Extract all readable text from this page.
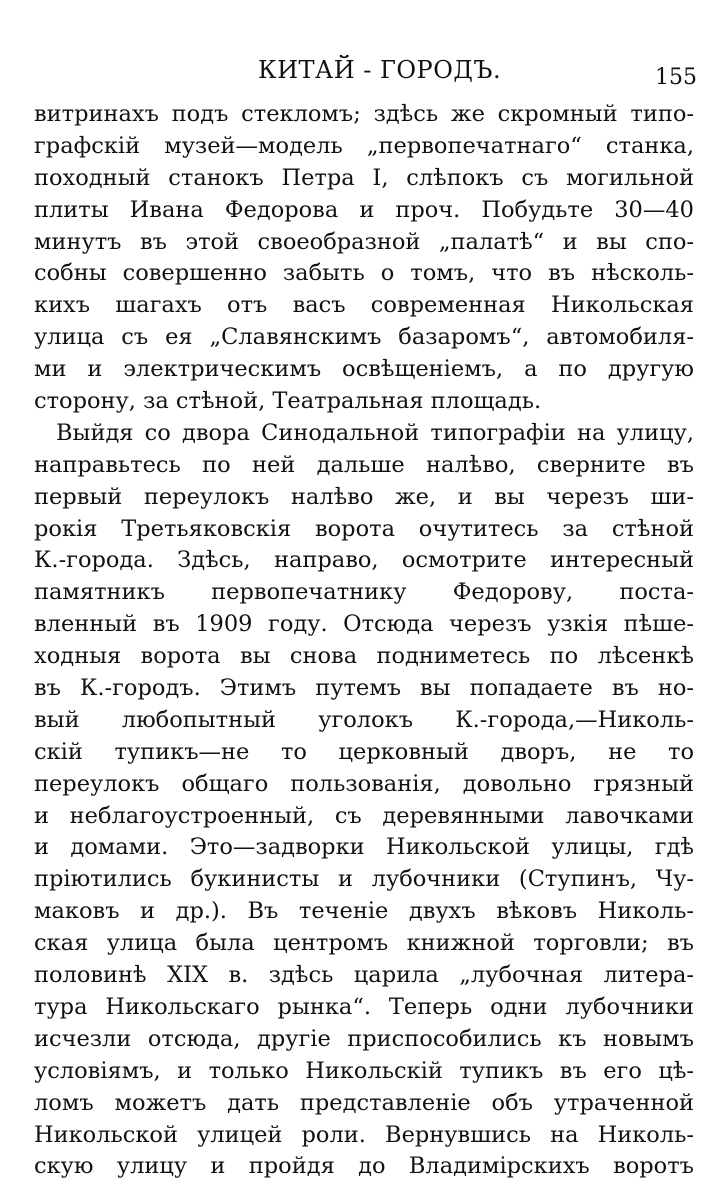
КИТАЙ - ГОРОДЪ.	155
витринахъ подъ стекломъ; здѣсь же скромный типо-
графскій музей—модель „первопечатнаго“ станка,
походный станокъ Петра I, слѣпокъ съ могильной
плиты Ивана Федорова и проч. Побудьте 30—40
минутъ въ этой своеобразной „палатѣ“ и вы спо-
собны совершенно забыть о томъ, что въ нѣсколь-
кихъ шагахъ отъ васъ современная Никольская
улица съ ея „Славянскимъ базаромъ“, автомобиля-
ми и электрическимъ освѣщеніемъ, а по другую
сторону, за стѣной, Театральная площадь.
Выйдя со двора Синодальной типографіи на улицу,
направьтесь по ней дальше налѣво, сверните въ
первый переулокъ налѣво же, и вы черезъ ши-
рокія Третьяковскія ворота очутитесь за стѣной
К.-города. Здѣсь, направо, осмотрите интересный
памятникъ первопечатнику Федорову, поста-
вленный въ 1909 году. Отсюда черезъ узкія пѣше-
ходныя ворота вы снова подниметесь по лѣсенкѣ
въ К.-городъ. Этимъ путемъ вы попадаете въ но-
вый любопытный уголокъ К.-города,—Николь-
скій тупикъ—не то церковный дворъ, не то
переулокъ общаго пользованія, довольно грязный
и неблагоустроенный, съ деревянными лавочками
и домами. Это—задворки Никольской улицы, гдѣ
пріютились букинисты и лубочники (Ступинъ, Чу-
маковъ и др.). Въ теченіе двухъ вѣковъ Николь-
ская улица была центромъ книжной торговли; въ
половинѣ XIX в. здѣсь царила „лубочная литера-
тура Никольскаго рынка“. Теперь одни лубочники
исчезли отсюда, другіе приспособились къ новымъ
условіямъ, и только Никольскій тупикъ въ его цѣ-
ломъ можетъ дать представленіе объ утраченной
Никольской улицей роли. Вернувшись на Николь-
скую улицу и пройдя до Владимірскихъ воротъ
